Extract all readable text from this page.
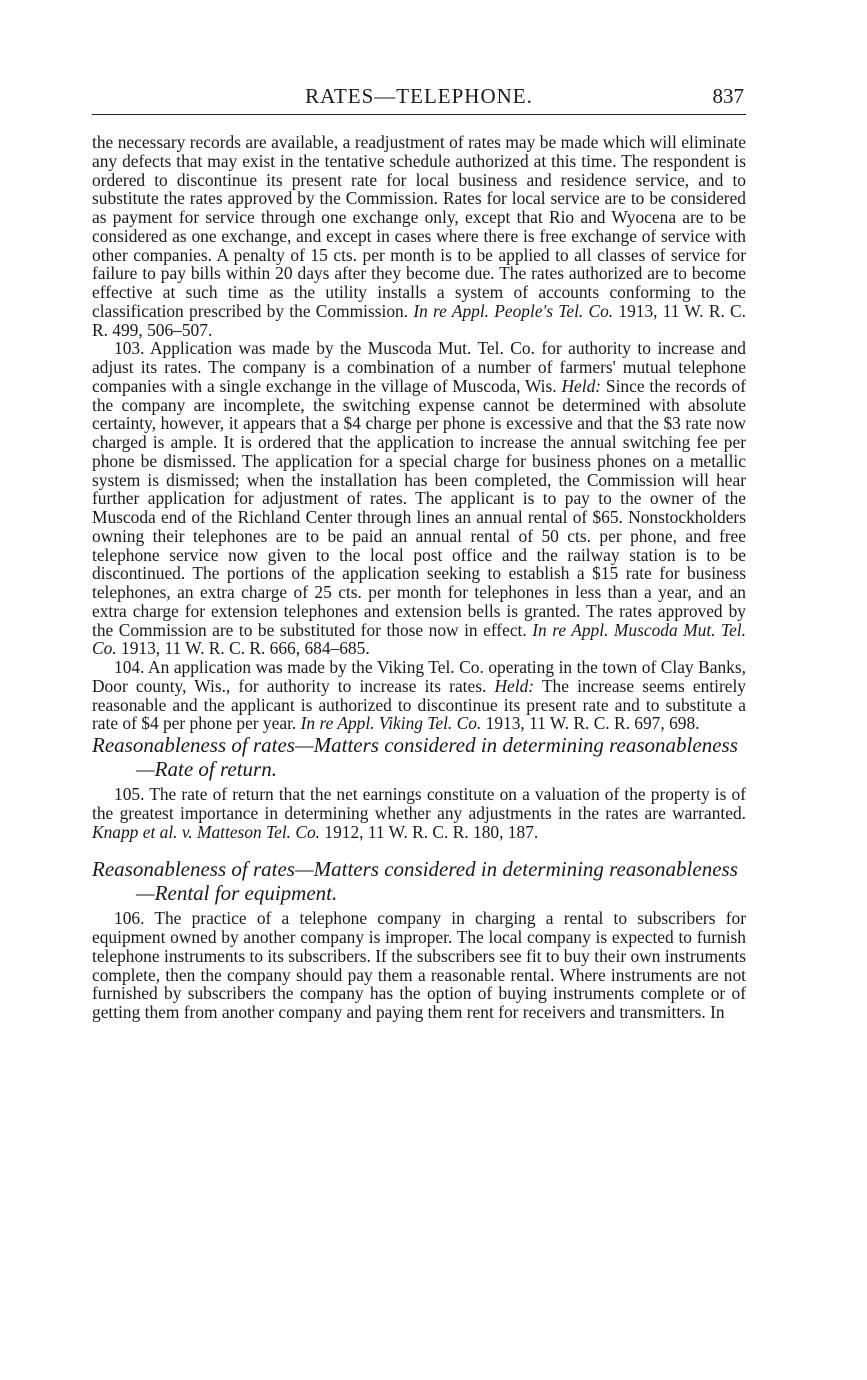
RATES—TELEPHONE.	837

the necessary records are available, a readjustment of rates may be made which will eliminate any defects that may exist in the tentative schedule authorized at this time. The respondent is ordered to discontinue its present rate for local business and residence service, and to substitute the rates approved by the Commission. Rates for local service are to be considered as payment for service through one exchange only, except that Rio and Wyocena are to be considered as one exchange, and except in cases where there is free exchange of service with other companies. A penalty of 15 cts. per month is to be applied to all classes of service for failure to pay bills within 20 days after they become due. The rates authorized are to become effective at such time as the utility installs a system of accounts conforming to the classification prescribed by the Commission. In re Appl. People's Tel. Co. 1913, 11 W. R. C. R. 499, 506–507.

103. Application was made by the Muscoda Mut. Tel. Co. for authority to increase and adjust its rates. The company is a combination of a number of farmers' mutual telephone companies with a single exchange in the village of Muscoda, Wis. Held: Since the records of the company are incomplete, the switching expense cannot be determined with absolute certainty, however, it appears that a $4 charge per phone is excessive and that the $3 rate now charged is ample. It is ordered that the application to increase the annual switching fee per phone be dismissed. The application for a special charge for business phones on a metallic system is dismissed; when the installation has been completed, the Commission will hear further application for adjustment of rates. The applicant is to pay to the owner of the Muscoda end of the Richland Center through lines an annual rental of $65. Nonstockholders owning their telephones are to be paid an annual rental of 50 cts. per phone, and free telephone service now given to the local post office and the railway station is to be discontinued. The portions of the application seeking to establish a $15 rate for business telephones, an extra charge of 25 cts. per month for telephones in less than a year, and an extra charge for extension telephones and extension bells is granted. The rates approved by the Commission are to be substituted for those now in effect. In re Appl. Muscoda Mut. Tel. Co. 1913, 11 W. R. C. R. 666, 684–685.

104. An application was made by the Viking Tel. Co. operating in the town of Clay Banks, Door county, Wis., for authority to increase its rates. Held: The increase seems entirely reasonable and the applicant is authorized to discontinue its present rate and to substitute a rate of $4 per phone per year. In re Appl. Viking Tel. Co. 1913, 11 W. R. C. R. 697, 698.

Reasonableness of rates—Matters considered in determining reasonableness—Rate of return.

105. The rate of return that the net earnings constitute on a valuation of the property is of the greatest importance in determining whether any adjustments in the rates are warranted. Knapp et al. v. Matteson Tel. Co. 1912, 11 W. R. C. R. 180, 187.

Reasonableness of rates—Matters considered in determining reasonableness—Rental for equipment.

106. The practice of a telephone company in charging a rental to subscribers for equipment owned by another company is improper. The local company is expected to furnish telephone instruments to its subscribers. If the subscribers see fit to buy their own instruments complete, then the company should pay them a reasonable rental. Where instruments are not furnished by subscribers the company has the option of buying instruments complete or of getting them from another company and paying them rent for receivers and transmitters. In
